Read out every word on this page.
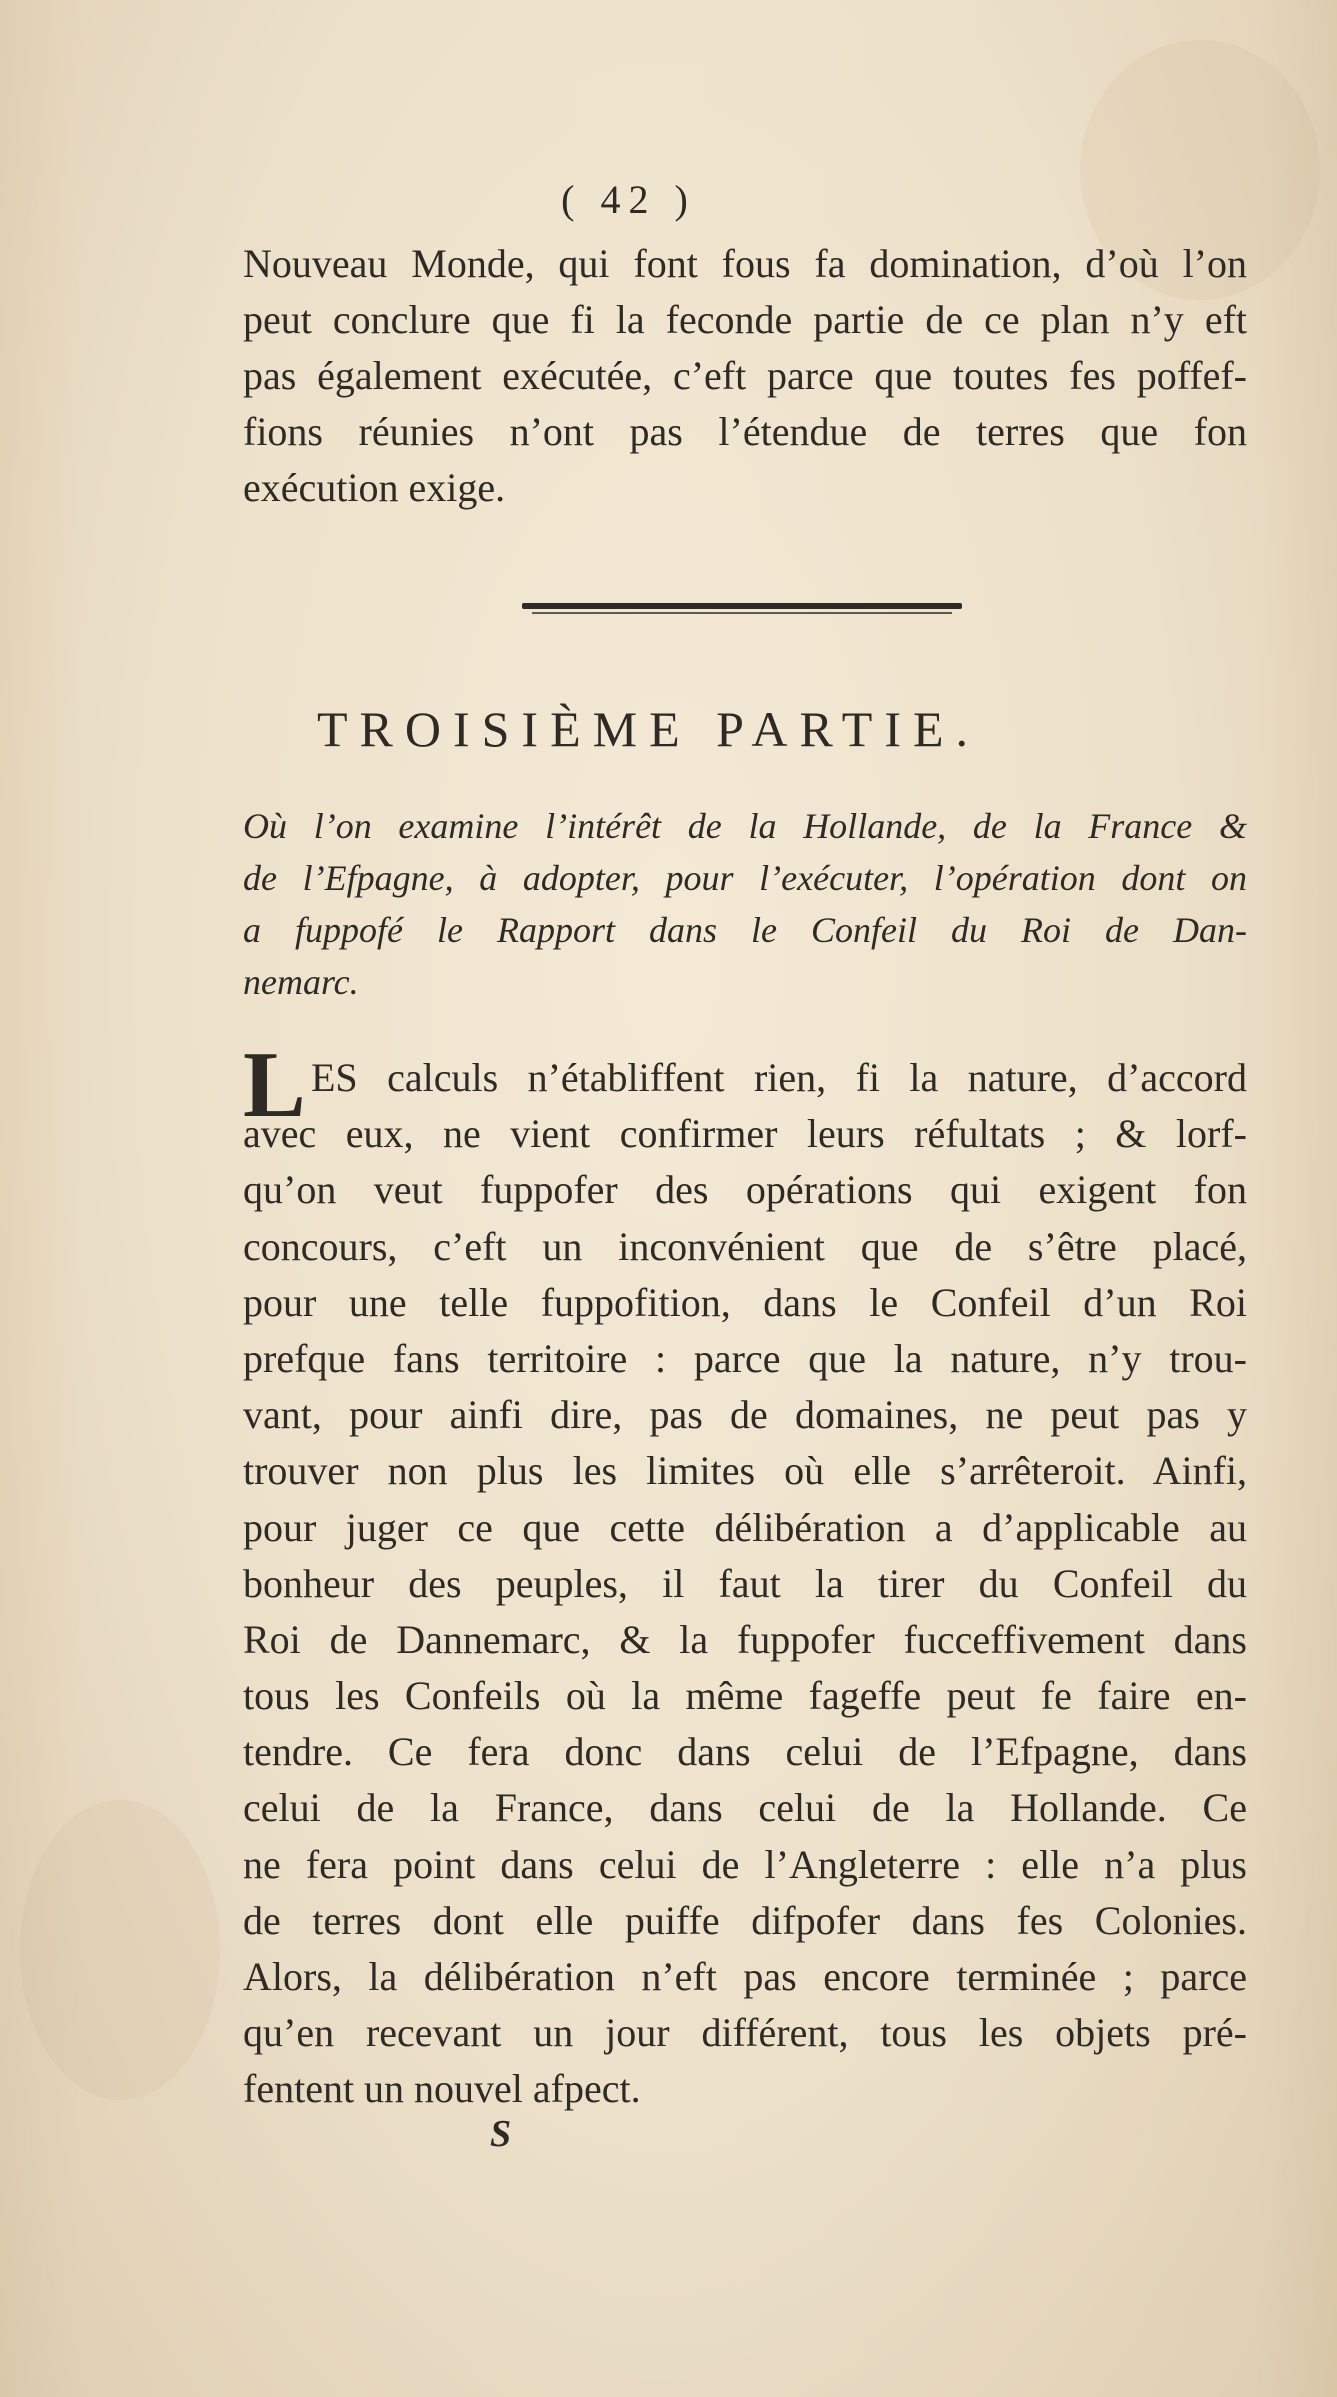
( 42 )
Nouveau Monde, qui font fous fa domination, d’où l’on
peut conclure que fi la feconde partie de ce plan n’y eft
pas également exécutée, c’eft parce que toutes fes poffef-
fions réunies n’ont pas l’étendue de terres que fon
exécution exige.
TROISIÈME PARTIE.
Où l’on examine l’intérêt de la Hollande, de la France &
de l’Efpagne, à adopter, pour l’exécuter, l’opération dont on
a fuppofé le Rapport dans le Confeil du Roi de Dan-
nemarc.
L ES calculs n’établiffent rien, fi la nature, d’accord
avec eux, ne vient confirmer leurs réfultats ; & lorf-
qu’on veut fuppofer des opérations qui exigent fon
concours, c’eft un inconvénient que de s’être placé,
pour une telle fuppofition, dans le Confeil d’un Roi
prefque fans territoire : parce que la nature, n’y trou-
vant, pour ainfi dire, pas de domaines, ne peut pas y
trouver non plus les limites où elle s’arrêteroit. Ainfi,
pour juger ce que cette délibération a d’applicable au
bonheur des peuples, il faut la tirer du Confeil du
Roi de Dannemarc, & la fuppofer fucceffivement dans
tous les Confeils où la même fageffe peut fe faire en-
tendre. Ce fera donc dans celui de l’Efpagne, dans
celui de la France, dans celui de la Hollande. Ce
ne fera point dans celui de l’Angleterre : elle n’a plus
de terres dont elle puiffe difpofer dans fes Colonies.
Alors, la délibération n’eft pas encore terminée ; parce
qu’en recevant un jour différent, tous les objets pré-
fentent un nouvel afpect.
S
